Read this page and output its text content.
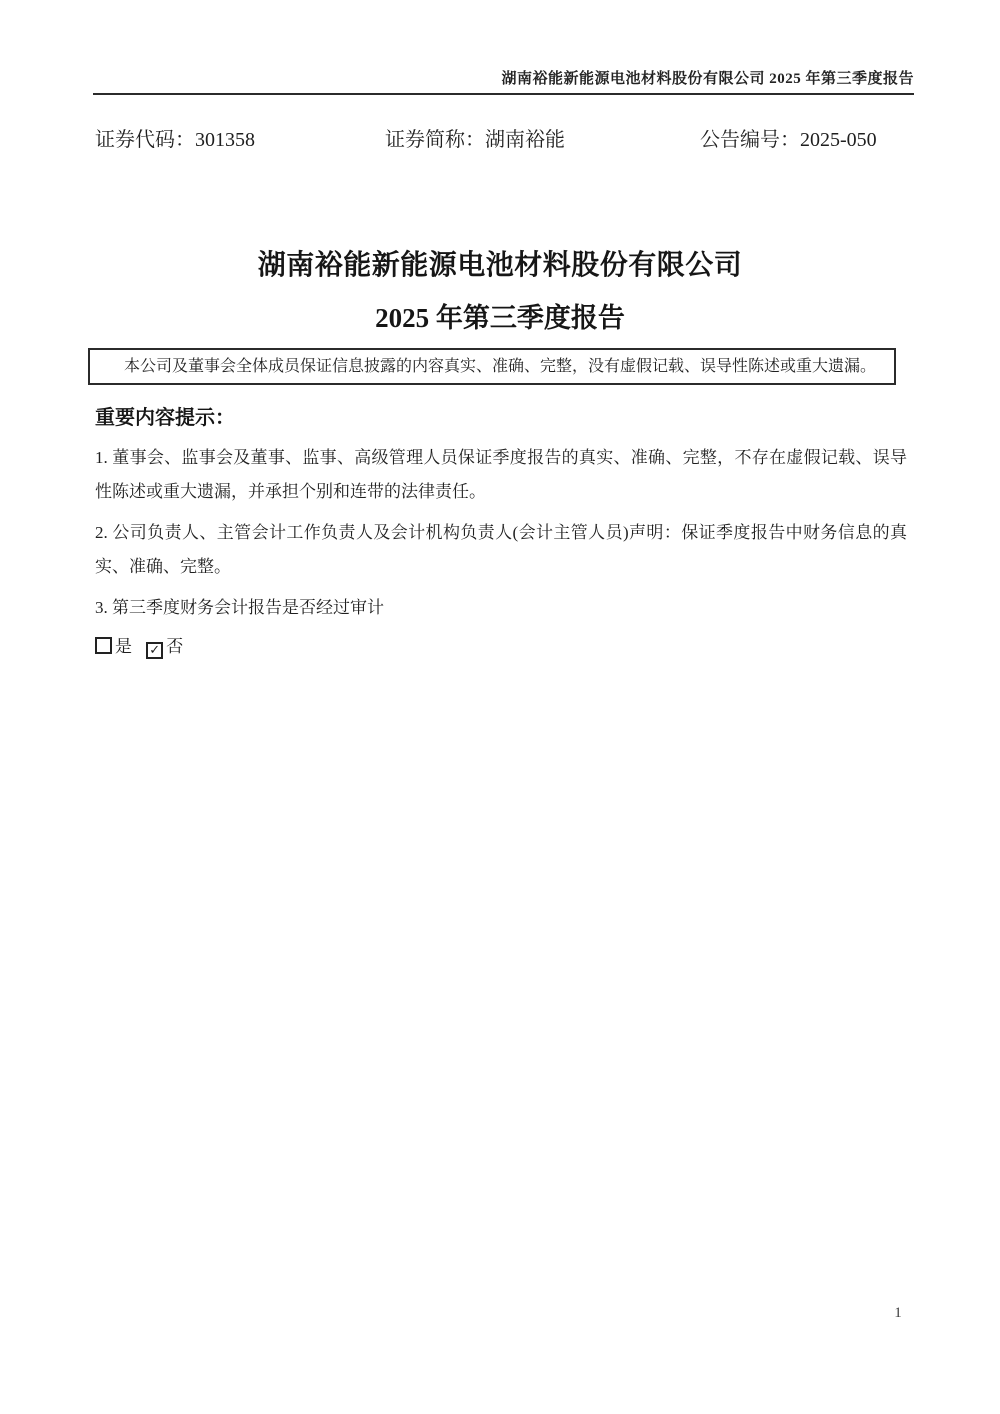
湖南裕能新能源电池材料股份有限公司 2025 年第三季度报告
证券代码：301358	证券简称：湖南裕能	公告编号：2025-050
湖南裕能新能源电池材料股份有限公司
2025 年第三季度报告
本公司及董事会全体成员保证信息披露的内容真实、准确、完整，没有虚假记载、误导性陈述或重大遗漏。
重要内容提示：

1. 董事会、监事会及董事、监事、高级管理人员保证季度报告的真实、准确、完整，不存在虚假记载、误导性陈述或重大遗漏，并承担个别和连带的法律责任。

2. 公司负责人、主管会计工作负责人及会计机构负责人(会计主管人员)声明：保证季度报告中财务信息的真实、准确、完整。

3. 第三季度财务会计报告是否经过审计

是 ✓ 否
1
